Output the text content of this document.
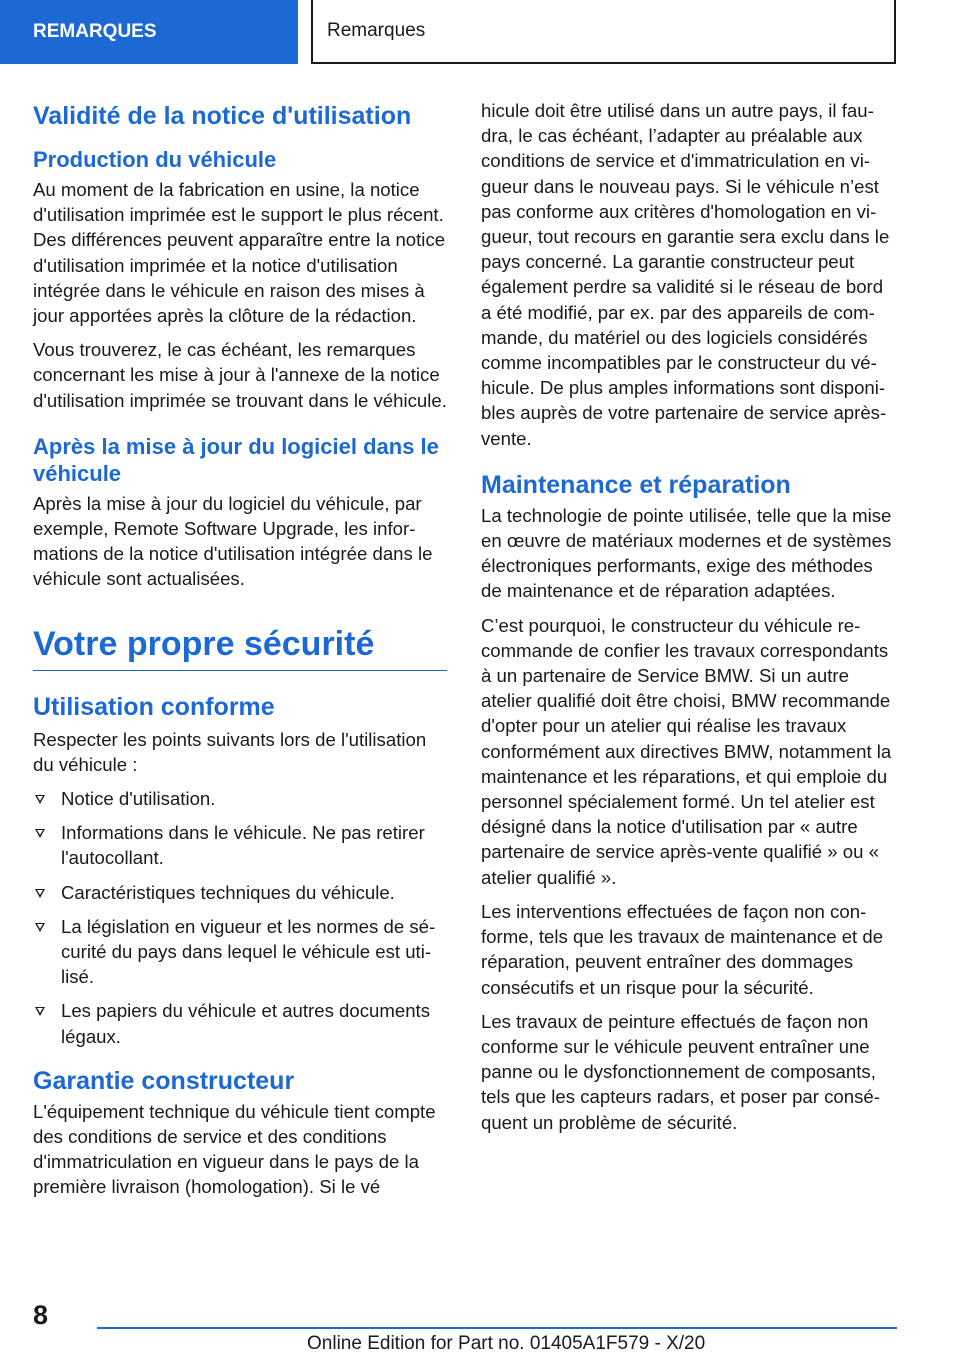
REMARQUES	Remarques
Validité de la notice d'utilisation
Production du véhicule

Au moment de la fabrication en usine, la notice d'utilisation imprimée est le support le plus récent. Des différences peuvent apparaître entre la notice d'utilisation imprimée et la notice d'utilisation intégrée dans le véhicule en raison des mises à jour apportées après la clôture de la rédaction.

Vous trouverez, le cas échéant, les remarques concernant les mise à jour à l'annexe de la notice d'utilisation imprimée se trouvant dans le véhicule.

Après la mise à jour du logiciel dans le véhicule

Après la mise à jour du logiciel du véhicule, par exemple, Remote Software Upgrade, les informations de la notice d'utilisation intégrée dans le véhicule sont actualisées.

Votre propre sécurité
Utilisation conforme

Respecter les points suivants lors de l'utilisation du véhicule :

Notice d'utilisation.
Informations dans le véhicule. Ne pas retirer l'autocollant.
Caractéristiques techniques du véhicule.
La législation en vigueur et les normes de sécurité du pays dans lequel le véhicule est utilisé.
Les papiers du véhicule et autres documents légaux.
Garantie constructeur

L'équipement technique du véhicule tient compte des conditions de service et des conditions d'immatriculation en vigueur dans le pays de la première livraison (homologation). Si le vé

hicule doit être utilisé dans un autre pays, il faudra, le cas échéant, l’adapter au préalable aux conditions de service et d'immatriculation en vigueur dans le nouveau pays. Si le véhicule n’est pas conforme aux critères d'homologation en vigueur, tout recours en garantie sera exclu dans le pays concerné. La garantie constructeur peut également perdre sa validité si le réseau de bord a été modifié, par ex. par des appareils de commande, du matériel ou des logiciels considérés comme incompatibles par le constructeur du véhicule. De plus amples informations sont disponibles auprès de votre partenaire de service après-vente.

Maintenance et réparation

La technologie de pointe utilisée, telle que la mise en œuvre de matériaux modernes et de systèmes électroniques performants, exige des méthodes de maintenance et de réparation adaptées.

C’est pourquoi, le constructeur du véhicule recommande de confier les travaux correspondants à un partenaire de Service BMW. Si un autre atelier qualifié doit être choisi, BMW recommande d'opter pour un atelier qui réalise les travaux conformément aux directives BMW, notamment la maintenance et les réparations, et qui emploie du personnel spécialement formé. Un tel atelier est désigné dans la notice d'utilisation par « autre partenaire de service après-vente qualifié » ou « atelier qualifié ».

Les interventions effectuées de façon non conforme, tels que les travaux de maintenance et de réparation, peuvent entraîner des dommages consécutifs et un risque pour la sécurité.

Les travaux de peinture effectués de façon non conforme sur le véhicule peuvent entraîner une panne ou le dysfonctionnement de composants, tels que les capteurs radars, et poser par conséquent un problème de sécurité.

8
Online Edition for Part no. 01405A1F579 - X/20
